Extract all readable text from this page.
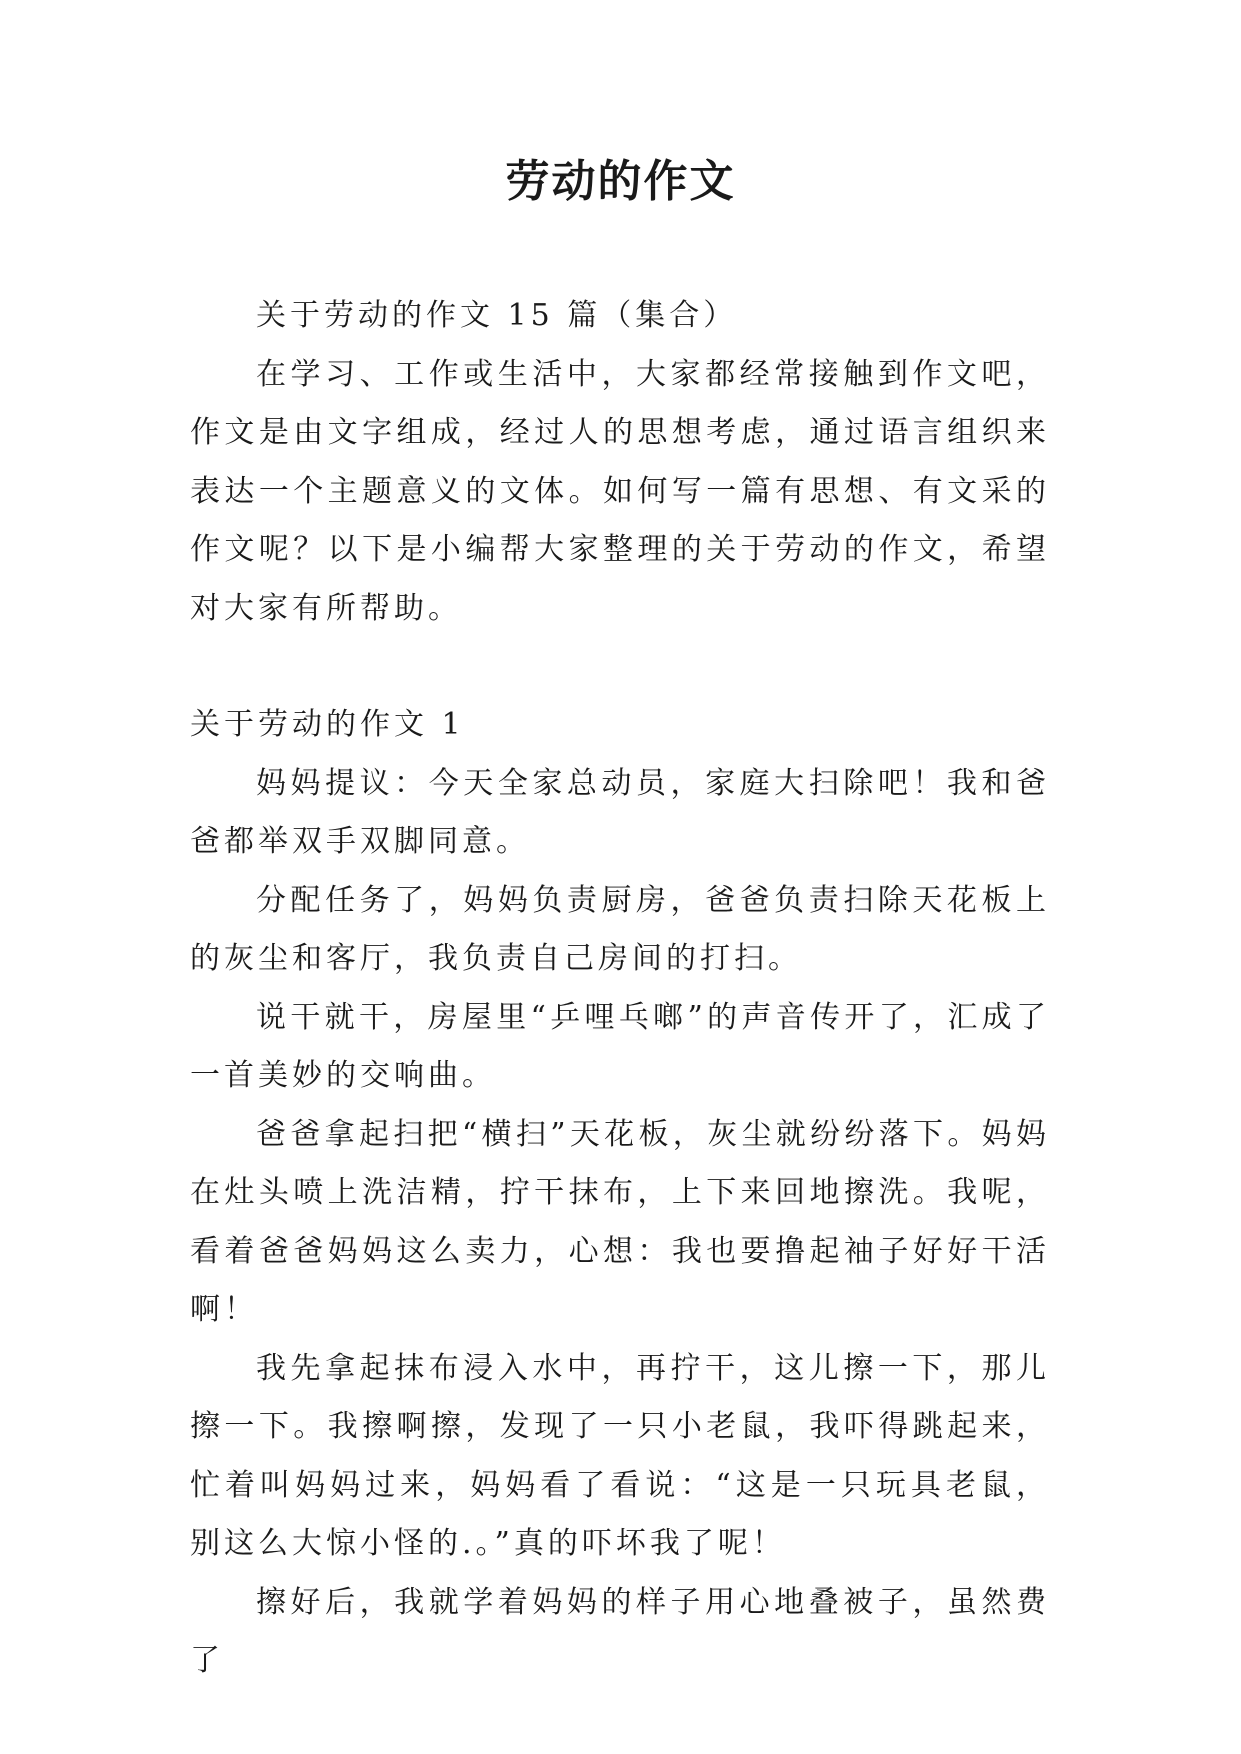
劳动的作文

关于劳动的作文 15 篇（集合）

在学习、工作或生活中，大家都经常接触到作文吧，作文是由文字组成，经过人的思想考虑，通过语言组织来表达一个主题意义的文体。如何写一篇有思想、有文采的作文呢？以下是小编帮大家整理的关于劳动的作文，希望对大家有所帮助。

关于劳动的作文 1

妈妈提议：今天全家总动员，家庭大扫除吧！我和爸爸都举双手双脚同意。

分配任务了，妈妈负责厨房，爸爸负责扫除天花板上的灰尘和客厅，我负责自己房间的打扫。

说干就干，房屋里“乒哩乓啷”的声音传开了，汇成了一首美妙的交响曲。

爸爸拿起扫把“横扫”天花板，灰尘就纷纷落下。妈妈在灶头喷上洗洁精，拧干抹布，上下来回地擦洗。我呢，看着爸爸妈妈这么卖力，心想：我也要撸起袖子好好干活啊！

我先拿起抹布浸入水中，再拧干，这儿擦一下，那儿擦一下。我擦啊擦，发现了一只小老鼠，我吓得跳起来，忙着叫妈妈过来，妈妈看了看说：“这是一只玩具老鼠，别这么大惊小怪的.。”真的吓坏我了呢！

擦好后，我就学着妈妈的样子用心地叠被子，虽然费了
